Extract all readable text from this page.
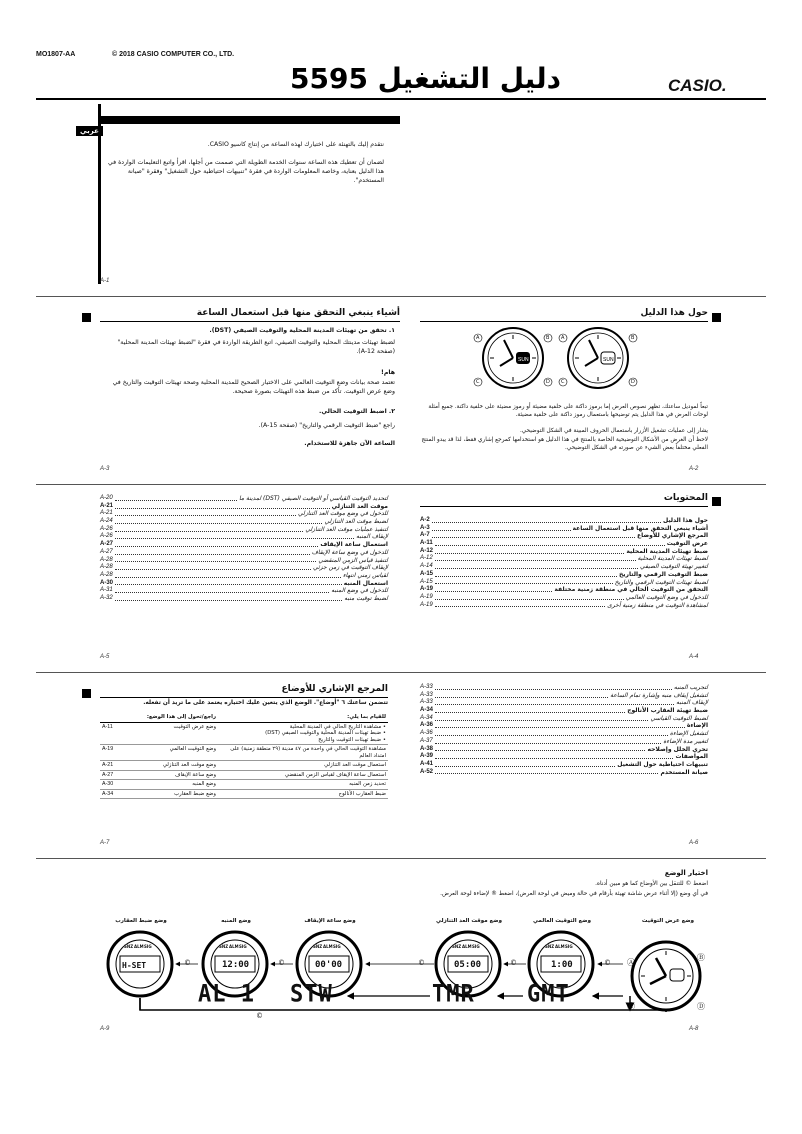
MO1807-AA	© 2018 CASIO COMPUTER CO., LTD.
دليل التشغيل 5595	CASIO.
عربي
نتقدم إليك بالتهنئة على اختيارك لهذه الساعة من إنتاج كاسيو CASIO.
لضمان أن تعطيك هذه الساعة سنوات الخدمة الطويلة التي صممت من أجلها، اقرأ واتبع التعليمات الواردة في هذا الدليل بعناية، وخاصة المعلومات الواردة في فقرة "تنبيهات احتياطية حول التشغيل" وفقرة "صيانة المستخدم".
A-1
أشياء ينبغي التحقق منها قبل استعمال الساعة
١. تحقق من تهيئات المدينة المحلية والتوقيت الصيفي (DST).
لضبط تهيئات مدينتك المحلية والتوقيت الصيفي، اتبع الطريقة الواردة في فقرة "لضبط تهيئات المدينة المحلية" (صفحة A-12).
هام!
تعتمد صحة بيانات وضع التوقيت العالمي على الاختيار الصحيح للمدينة المحلية وصحة تهيئات التوقيت والتاريخ في وضع عرض التوقيت. تأكد من ضبط هذه التهيئات بصورة صحيحة.
٢. اضبط التوقيت الحالي.
راجع "ضبط التوقيت الرقمي والتاريخ" (صفحة A-15).
الساعة الآن جاهزة للاستخدام.
A-3
حول هذا الدليل
SUN	SUN
A	B
C	D
A	B
C	D
تبعاً لموديل ساعتك، تظهر نصوص العرض إما برموز داكنة على خلفية مضيئة أو رموز مضيئة على خلفية داكنة. جميع أمثلة لوحات العرض في هذا الدليل يتم توضيحها باستعمال رموز داكنة على خلفية مضيئة.
يشار إلى عمليات تشغيل الأزرار باستعمال الحروف المبينة في الشكل التوضيحي.
لاحظ أن الغرض من الأشكال التوضيحية الخاصة بالمنتج في هذا الدليل هو استخدامها كمرجع إشاري فقط، لذا قد يبدو المنتج الفعلي مختلفاً بعض الشيء عن صورته في الشكل التوضيحي.
A-2
لتحديد التوقيت القياسي أو التوقيت الصيفي (DST) لمدينة ما
A-20
موقت العد التنازلي
A-21
للدخول في وضع موقت العد التنازلي
A-21
لضبط موقت العد التنازلي
A-24
لتنفيذ عمليات موقت العد التنازلي
A-26
لإيقاف المنبه
A-26
استعمال ساعة الإيقاف
A-27
للدخول في وضع ساعة الإيقاف
A-27
لتنفيذ قياس الزمن المنقضي
A-28
لإيقاف التوقيت في زمن جزئي
A-28
لقياس زمني انتهاء
A-28
استعمال المنبه
A-30
للدخول في وضع المنبه
A-31
لضبط توقيت منبه
A-32
A-5
المحتويات
حول هذا الدليل
A-2
أشياء ينبغي التحقق منها قبل استعمال الساعة
A-3
المرجع الإشاري للأوضاع
A-7
عرض التوقيت
A-11
ضبط تهيئات المدينة المحلية
A-12
لضبط تهيئات المدينة المحلية
A-12
لتغيير تهيئة التوقيت الصيفي
A-14
ضبط التوقيت الرقمي والتاريخ
A-15
لضبط تهيئات التوقيت الرقمي والتاريخ
A-15
التحقق من التوقيت الحالي في منطقة زمنية مختلفة
A-19
للدخول في وضع التوقيت العالمي
A-19
لمشاهدة التوقيت في منطقة زمنية أخرى
A-19
A-4
المرجع الإشاري للأوضاع
تتضمن ساعتك ٦ "أوضاع". الوضع الذي يتعين عليك اختياره يعتمد على ما تريد أن تفعله.
للقيام بما يلي:	راجع/تحول إلى هذا الوضع:	
• مشاهدة التاريخ الحالي في المدينة المحلية
• ضبط تهيئات المدينة المحلية والتوقيت الصيفي (DST)
• ضبط تهيئات التوقيت والتاريخ	وضع عرض التوقيت	A-11
مشاهدة التوقيت الحالي في واحدة من ٤٧ مدينة (٢٩ منطقة زمنية) على امتداد العالم	وضع التوقيت العالمي	A-19
استعمال موقت العد التنازلي	وضع موقت العد التنازلي	A-21
استعمال ساعة الإيقاف لقياس الزمن المنقضي	وضع ساعة الإيقاف	A-27
تحديد زمن المنبه	وضع المنبه	A-30
ضبط العقارب الأنالوج	وضع ضبط العقارب	A-34
A-7
لتجريب المنبه
A-33
لتشغيل إيقاف منبه وإشارة تمام الساعة
A-33
لإيقاف المنبه
A-33
ضبط تهيئة العقارب الأنالوج
A-34
لضبط التوقيت القياسي
A-34
الإضاءة
A-36
لتشغيل الإضاءة
A-36
لتغيير مدة الإضاءة
A-37
تحري الخلل وإصلاحه
A-38
المواصفات
A-39
تنبيهات احتياطية حول التشغيل
A-41
صيانة المستخدم
A-52
A-6
اختيار الوضع
اضغط © للتنقل بين الأوضاع كما هو مبين أدناه.
في أي وضع (إلا أثناء عرض شاشة تهيئة بأرقام في حالة وميض في لوحة العرض)، اضغط ® لإضاءة لوحة العرض.
وضع ضبط العقارب	وضع المنبه	وضع ساعة الإيقاف	وضع موقت العد التنازلي	وضع التوقيت العالمي	وضع عرض التوقيت
H-SET	12:00	00'00	05:00	1:00
SNZ	SNZ	SNZ	SNZ	SNZ
ALM	ALM	ALM	ALM	ALM
SIG	SIG	SIG	SIG	SIG
AL 1 STW	TMR GMT
©	©	©	©	©
©
Ⓐ
Ⓑ
Ⓒ	Ⓓ
A-9	A-8
